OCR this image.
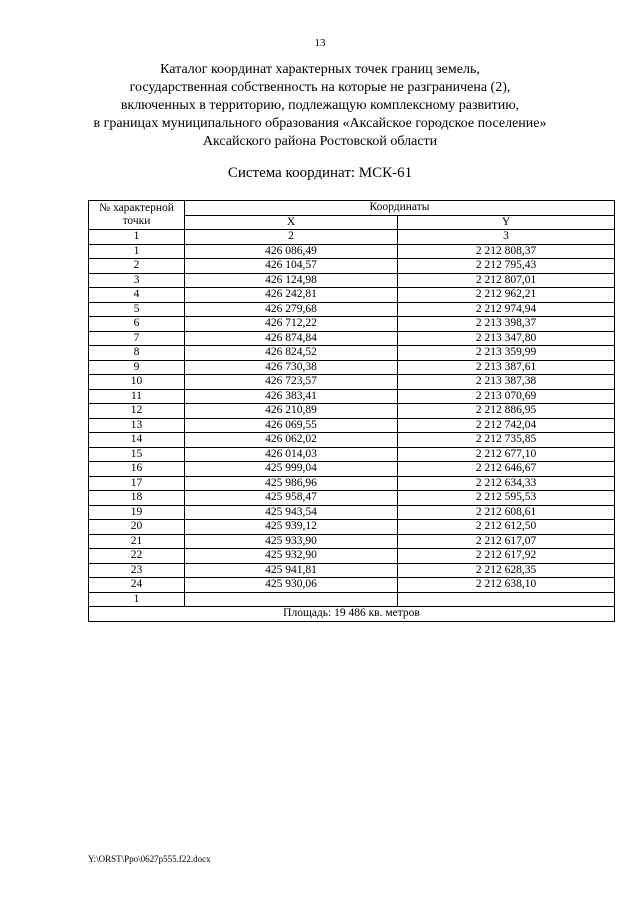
13
Каталог координат характерных точек границ земель,
государственная собственность на которые не разграничена (2),
включенных в территорию, подлежащую комплексному развитию,
в границах муниципального образования «Аксайское городское поселение»
Аксайского района Ростовской области
Система координат: МСК-61
№ характерной точки	Координаты	
	X	Y
1	2	3
1	426 086,49	2 212 808,37
2	426 104,57	2 212 795,43
3	426 124,98	2 212 807,01
4	426 242,81	2 212 962,21
5	426 279,68	2 212 974,94
6	426 712,22	2 213 398,37
7	426 874,84	2 213 347,80
8	426 824,52	2 213 359,99
9	426 730,38	2 213 387,61
10	426 723,57	2 213 387,38
11	426 383,41	2 213 070,69
12	426 210,89	2 212 886,95
13	426 069,55	2 212 742,04
14	426 062,02	2 212 735,85
15	426 014,03	2 212 677,10
16	425 999,04	2 212 646,67
17	425 986,96	2 212 634,33
18	425 958,47	2 212 595,53
19	425 943,54	2 212 608,61
20	425 939,12	2 212 612,50
21	425 933,90	2 212 617,07
22	425 932,90	2 212 617,92
23	425 941,81	2 212 628,35
24	425 930,06	2 212 638,10
1		
Площадь: 19 486 кв. метров		
Y:\ORST\Ppo\0627p555.f22.docx
